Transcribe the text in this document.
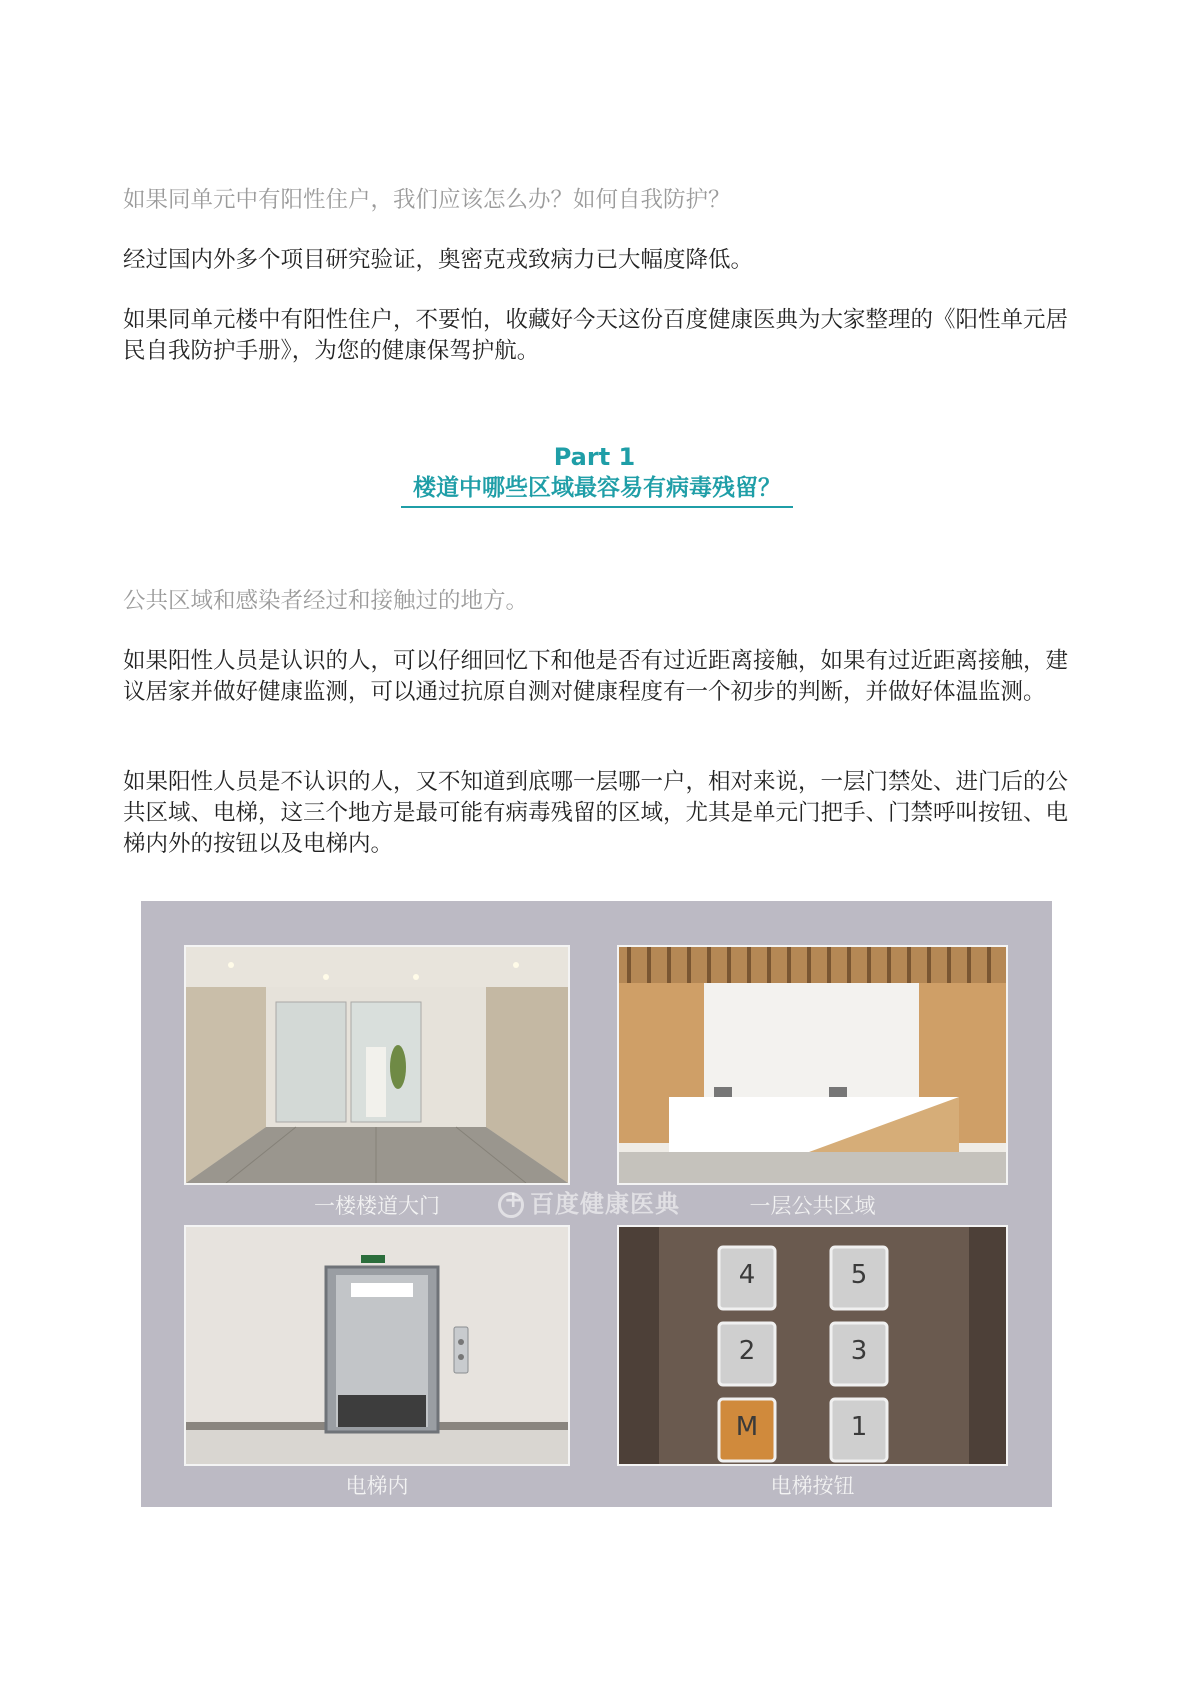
如果同单元中有阳性住户，我们应该怎么办？如何自我防护？

经过国内外多个项目研究验证，奥密克戎致病力已大幅度降低。

如果同单元楼中有阳性住户，不要怕，收藏好今天这份百度健康医典为大家整理的《阳性单元居民自我防护手册》，为您的健康保驾护航。

Part 1
楼道中哪些区域最容易有病毒残留？

公共区域和感染者经过和接触过的地方。

如果阳性人员是认识的人，可以仔细回忆下和他是否有过近距离接触，如果有过近距离接触，建议居家并做好健康监测，可以通过抗原自测对健康程度有一个初步的判断，并做好体温监测。

如果阳性人员是不认识的人，又不知道到底哪一层哪一户，相对来说，一层门禁处、进门后的公共区域、电梯，这三个地方是最可能有病毒残留的区域，尤其是单元门把手、门禁呼叫按钮、电梯内外的按钮以及电梯内。

4	5
2	3
M	1
一楼楼道大门	一层公共区域
电梯内	电梯按钮
+百度健康医典
